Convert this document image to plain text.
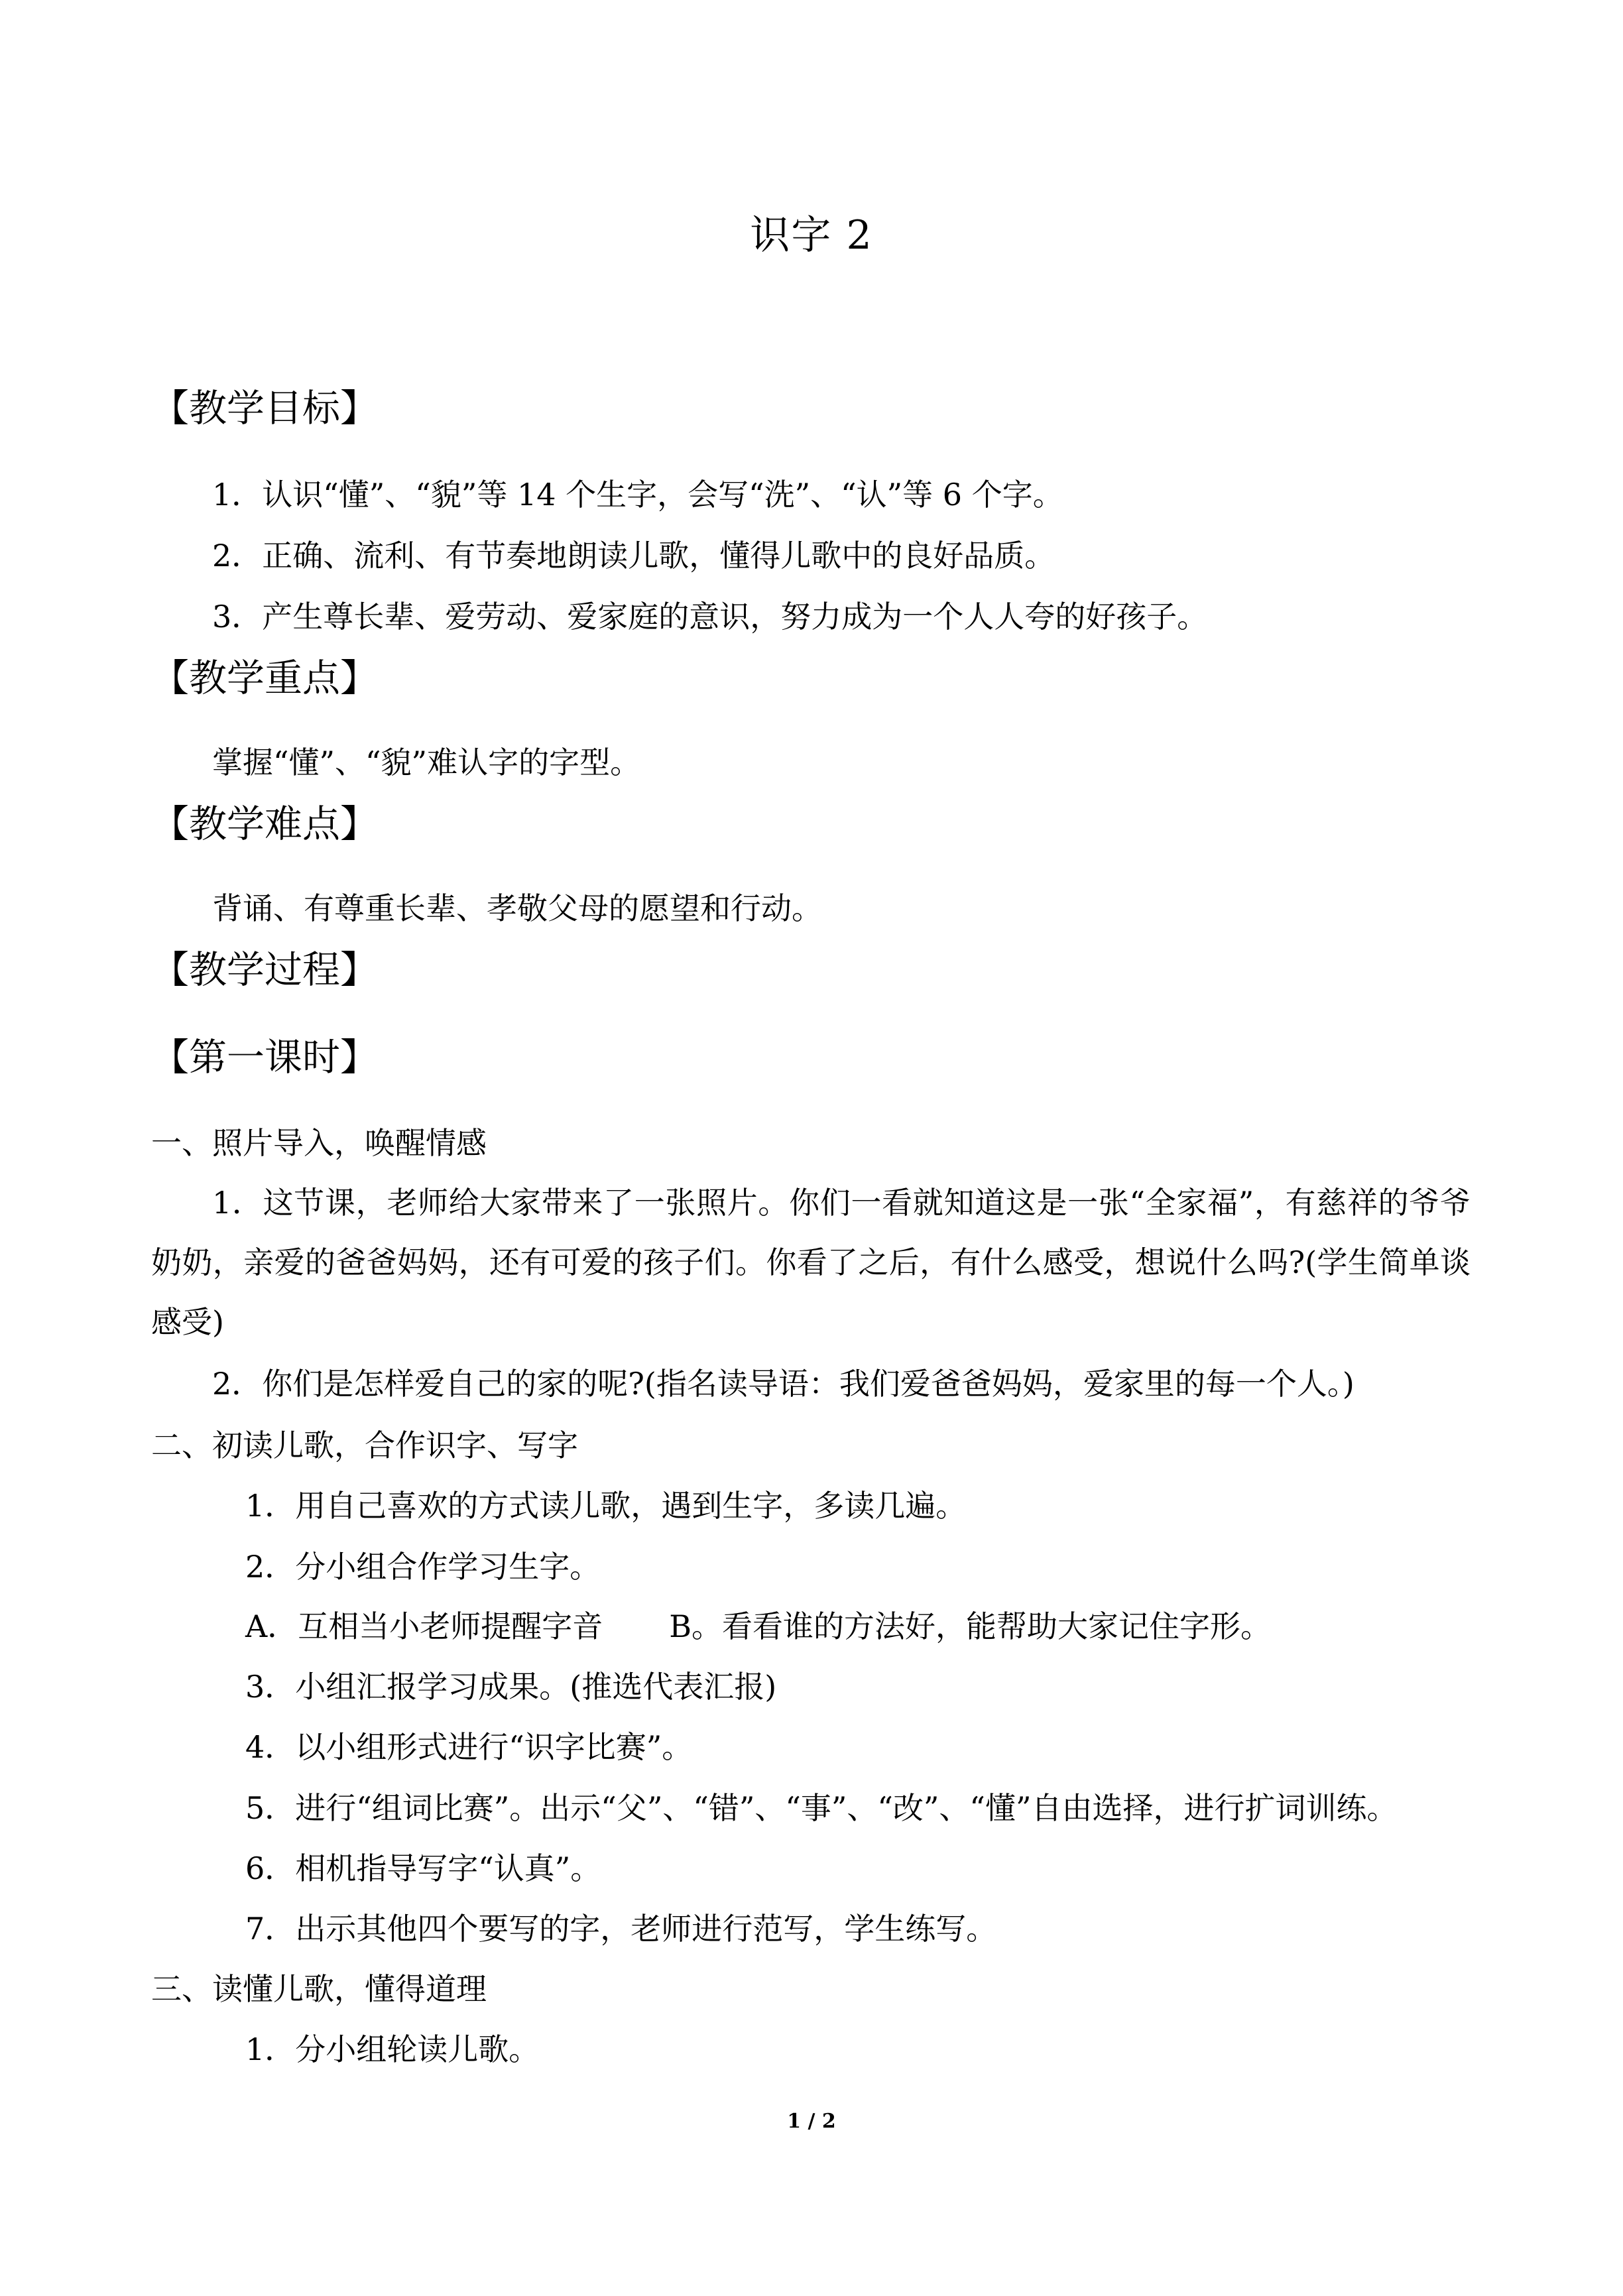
识字 2
【教学目标】
1．认识“懂”、“貌”等 14 个生字，会写“洗”、“认”等 6 个字。
2．正确、流利、有节奏地朗读儿歌，懂得儿歌中的良好品质。
3．产生尊长辈、爱劳动、爱家庭的意识，努力成为一个人人夸的好孩子。
【教学重点】
掌握“懂”、“貌”难认字的字型。
【教学难点】
背诵、有尊重长辈、孝敬父母的愿望和行动。
【教学过程】
【第一课时】
一、照片导入，唤醒情感
1．这节课，老师给大家带来了一张照片。你们一看就知道这是一张“全家福”，有慈祥的爷爷奶奶，亲爱的爸爸妈妈，还有可爱的孩子们。你看了之后，有什么感受，想说什么吗?(学生简单谈感受)
2．你们是怎样爱自己的家的呢?(指名读导语：我们爱爸爸妈妈，爱家里的每一个人。)
二、初读儿歌，合作识字、写字
1．用自己喜欢的方式读儿歌，遇到生字，多读几遍。
2．分小组合作学习生字。
A．互相当小老师提醒字音 B。看看谁的方法好，能帮助大家记住字形。
3．小组汇报学习成果。(推选代表汇报)
4．以小组形式进行“识字比赛”。
5．进行“组词比赛”。出示“父”、“错”、“事”、“改”、“懂”自由选择，进行扩词训练。
6．相机指导写字“认真”。
7．出示其他四个要写的字，老师进行范写，学生练写。
三、读懂儿歌，懂得道理
1．分小组轮读儿歌。
1 / 2
